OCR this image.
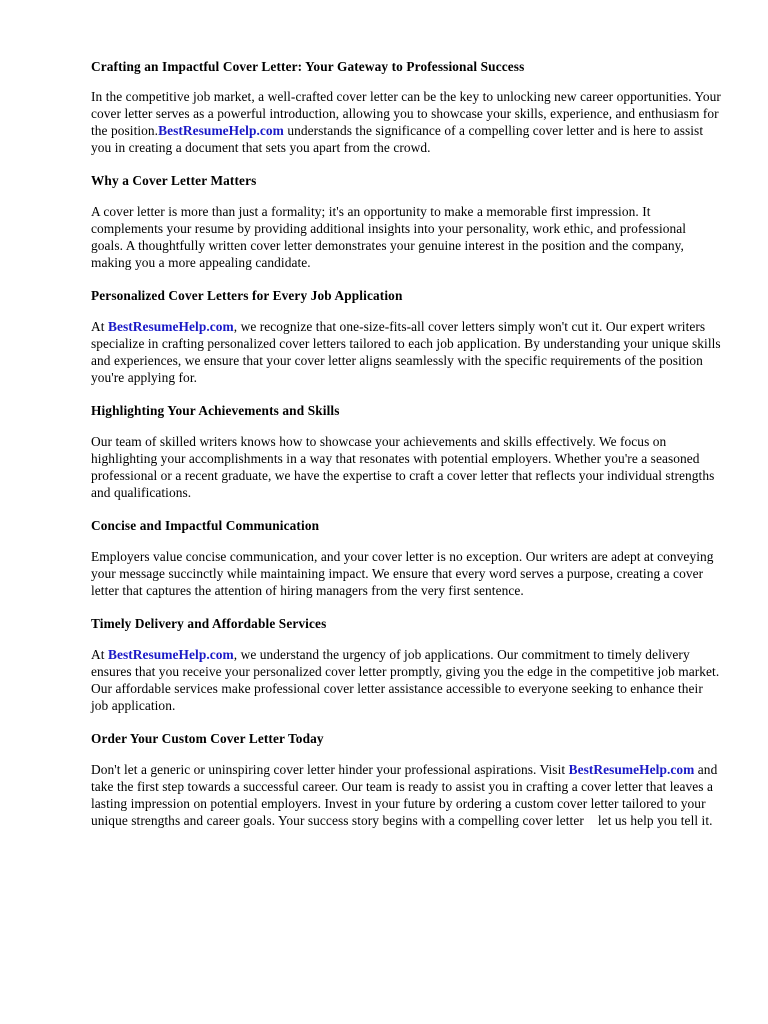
Crafting an Impactful Cover Letter: Your Gateway to Professional Success

In the competitive job market, a well-crafted cover letter can be the key to unlocking new career opportunities. Your cover letter serves as a powerful introduction, allowing you to showcase your skills, experience, and enthusiasm for the position.BestResumeHelp.com understands the significance of a compelling cover letter and is here to assist you in creating a document that sets you apart from the crowd.

Why a Cover Letter Matters

A cover letter is more than just a formality; it's an opportunity to make a memorable first impression. It complements your resume by providing additional insights into your personality, work ethic, and professional goals. A thoughtfully written cover letter demonstrates your genuine interest in the position and the company, making you a more appealing candidate.

Personalized Cover Letters for Every Job Application

At BestResumeHelp.com, we recognize that one-size-fits-all cover letters simply won't cut it. Our expert writers specialize in crafting personalized cover letters tailored to each job application. By understanding your unique skills and experiences, we ensure that your cover letter aligns seamlessly with the specific requirements of the position you're applying for.

Highlighting Your Achievements and Skills

Our team of skilled writers knows how to showcase your achievements and skills effectively. We focus on highlighting your accomplishments in a way that resonates with potential employers. Whether you're a seasoned professional or a recent graduate, we have the expertise to craft a cover letter that reflects your individual strengths and qualifications.

Concise and Impactful Communication

Employers value concise communication, and your cover letter is no exception. Our writers are adept at conveying your message succinctly while maintaining impact. We ensure that every word serves a purpose, creating a cover letter that captures the attention of hiring managers from the very first sentence.

Timely Delivery and Affordable Services

At BestResumeHelp.com, we understand the urgency of job applications. Our commitment to timely delivery ensures that you receive your personalized cover letter promptly, giving you the edge in the competitive job market. Our affordable services make professional cover letter assistance accessible to everyone seeking to enhance their job application.

Order Your Custom Cover Letter Today

Don't let a generic or uninspiring cover letter hinder your professional aspirations. Visit BestResumeHelp.com and take the first step towards a successful career. Our team is ready to assist you in crafting a cover letter that leaves a lasting impression on potential employers. Invest in your future by ordering a custom cover letter tailored to your unique strengths and career goals. Your success story begins with a compelling cover letter let us help you tell it.
